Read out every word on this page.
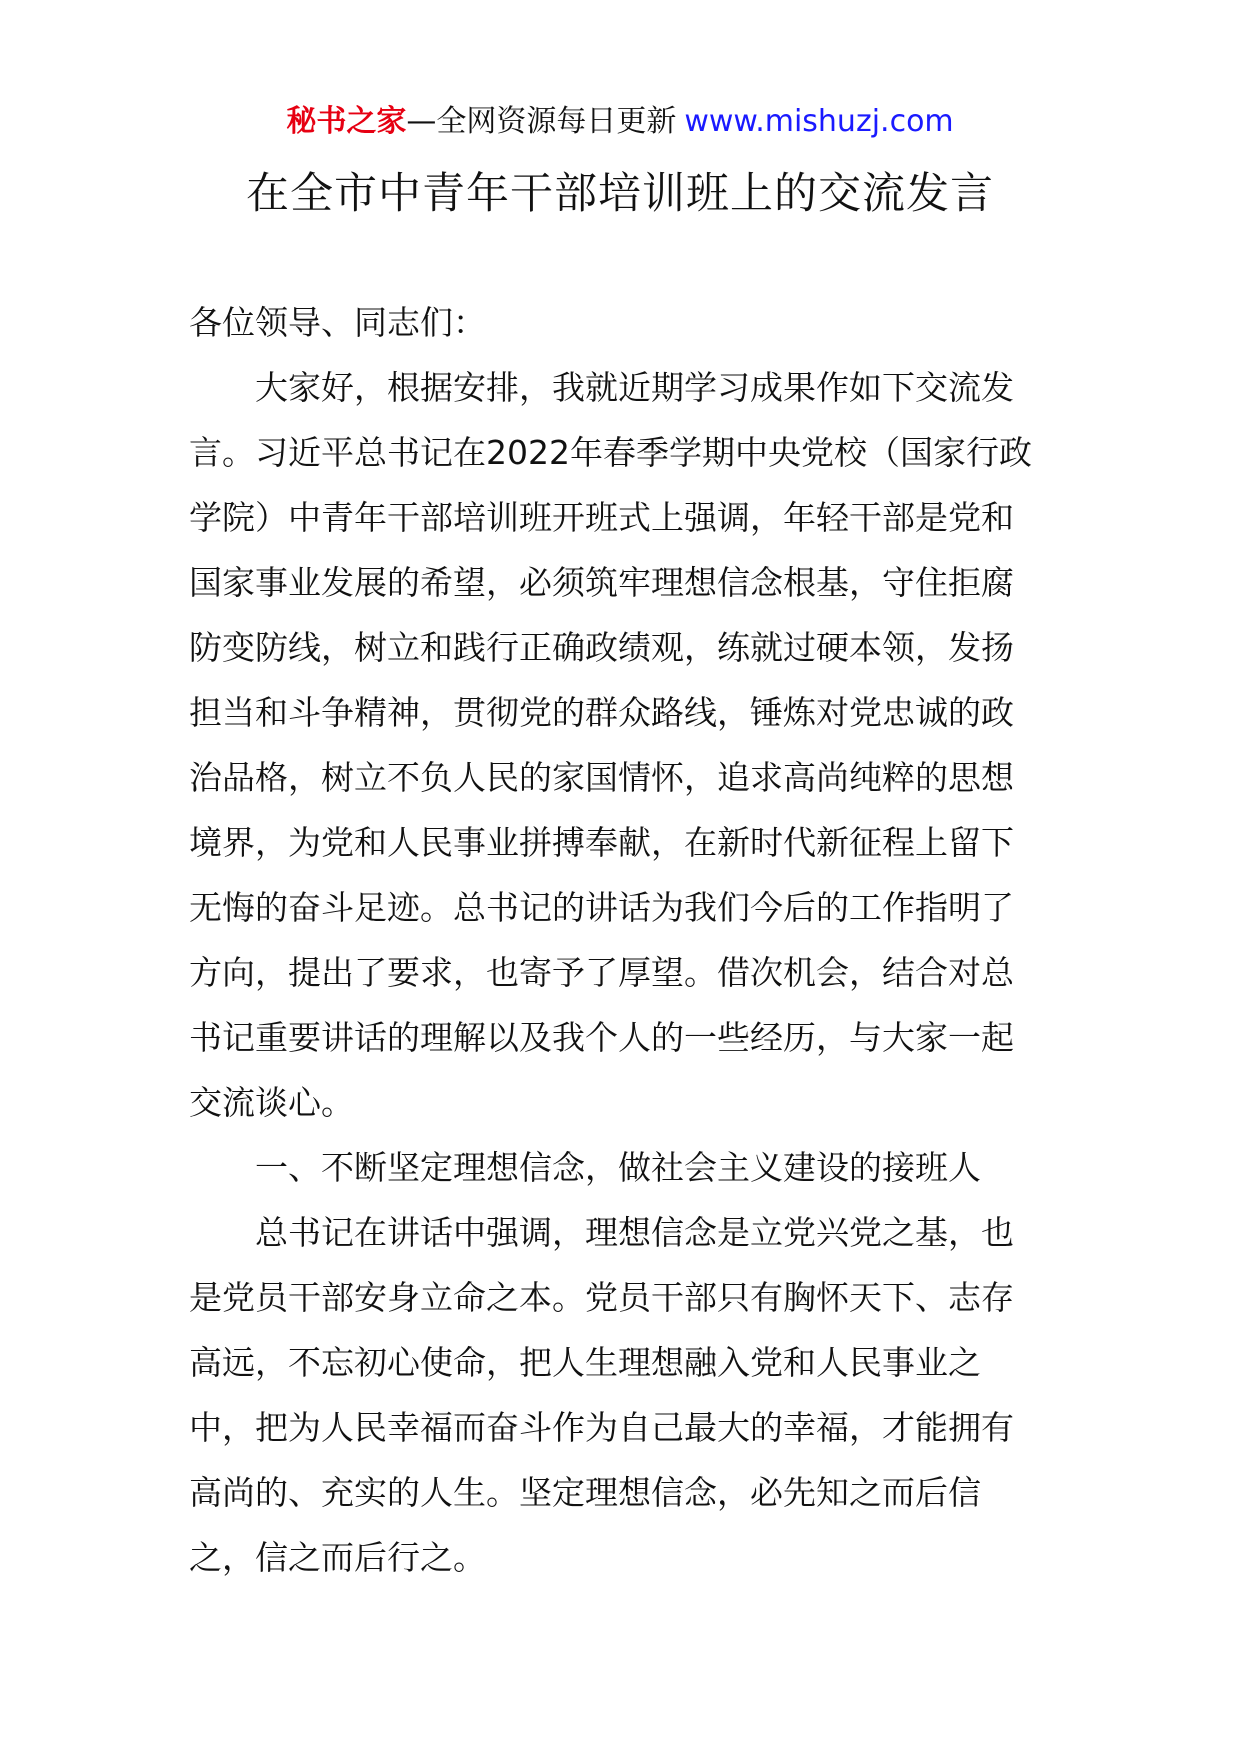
秘书之家—全网资源每日更新 www.mishuzj.com
在全市中青年干部培训班上的交流发言
各位领导、同志们：
大家好，根据安排，我就近期学习成果作如下交流发
言。习近平总书记在2022年春季学期中央党校（国家行政
学院）中青年干部培训班开班式上强调，年轻干部是党和
国家事业发展的希望，必须筑牢理想信念根基，守住拒腐
防变防线，树立和践行正确政绩观，练就过硬本领，发扬
担当和斗争精神，贯彻党的群众路线，锤炼对党忠诚的政
治品格，树立不负人民的家国情怀，追求高尚纯粹的思想
境界，为党和人民事业拼搏奉献，在新时代新征程上留下
无悔的奋斗足迹。总书记的讲话为我们今后的工作指明了
方向，提出了要求，也寄予了厚望。借次机会，结合对总
书记重要讲话的理解以及我个人的一些经历，与大家一起
交流谈心。
一、不断坚定理想信念，做社会主义建设的接班人
总书记在讲话中强调，理想信念是立党兴党之基，也
是党员干部安身立命之本。党员干部只有胸怀天下、志存
高远，不忘初心使命，把人生理想融入党和人民事业之
中，把为人民幸福而奋斗作为自己最大的幸福，才能拥有
高尚的、充实的人生。坚定理想信念，必先知之而后信
之，信之而后行之。
